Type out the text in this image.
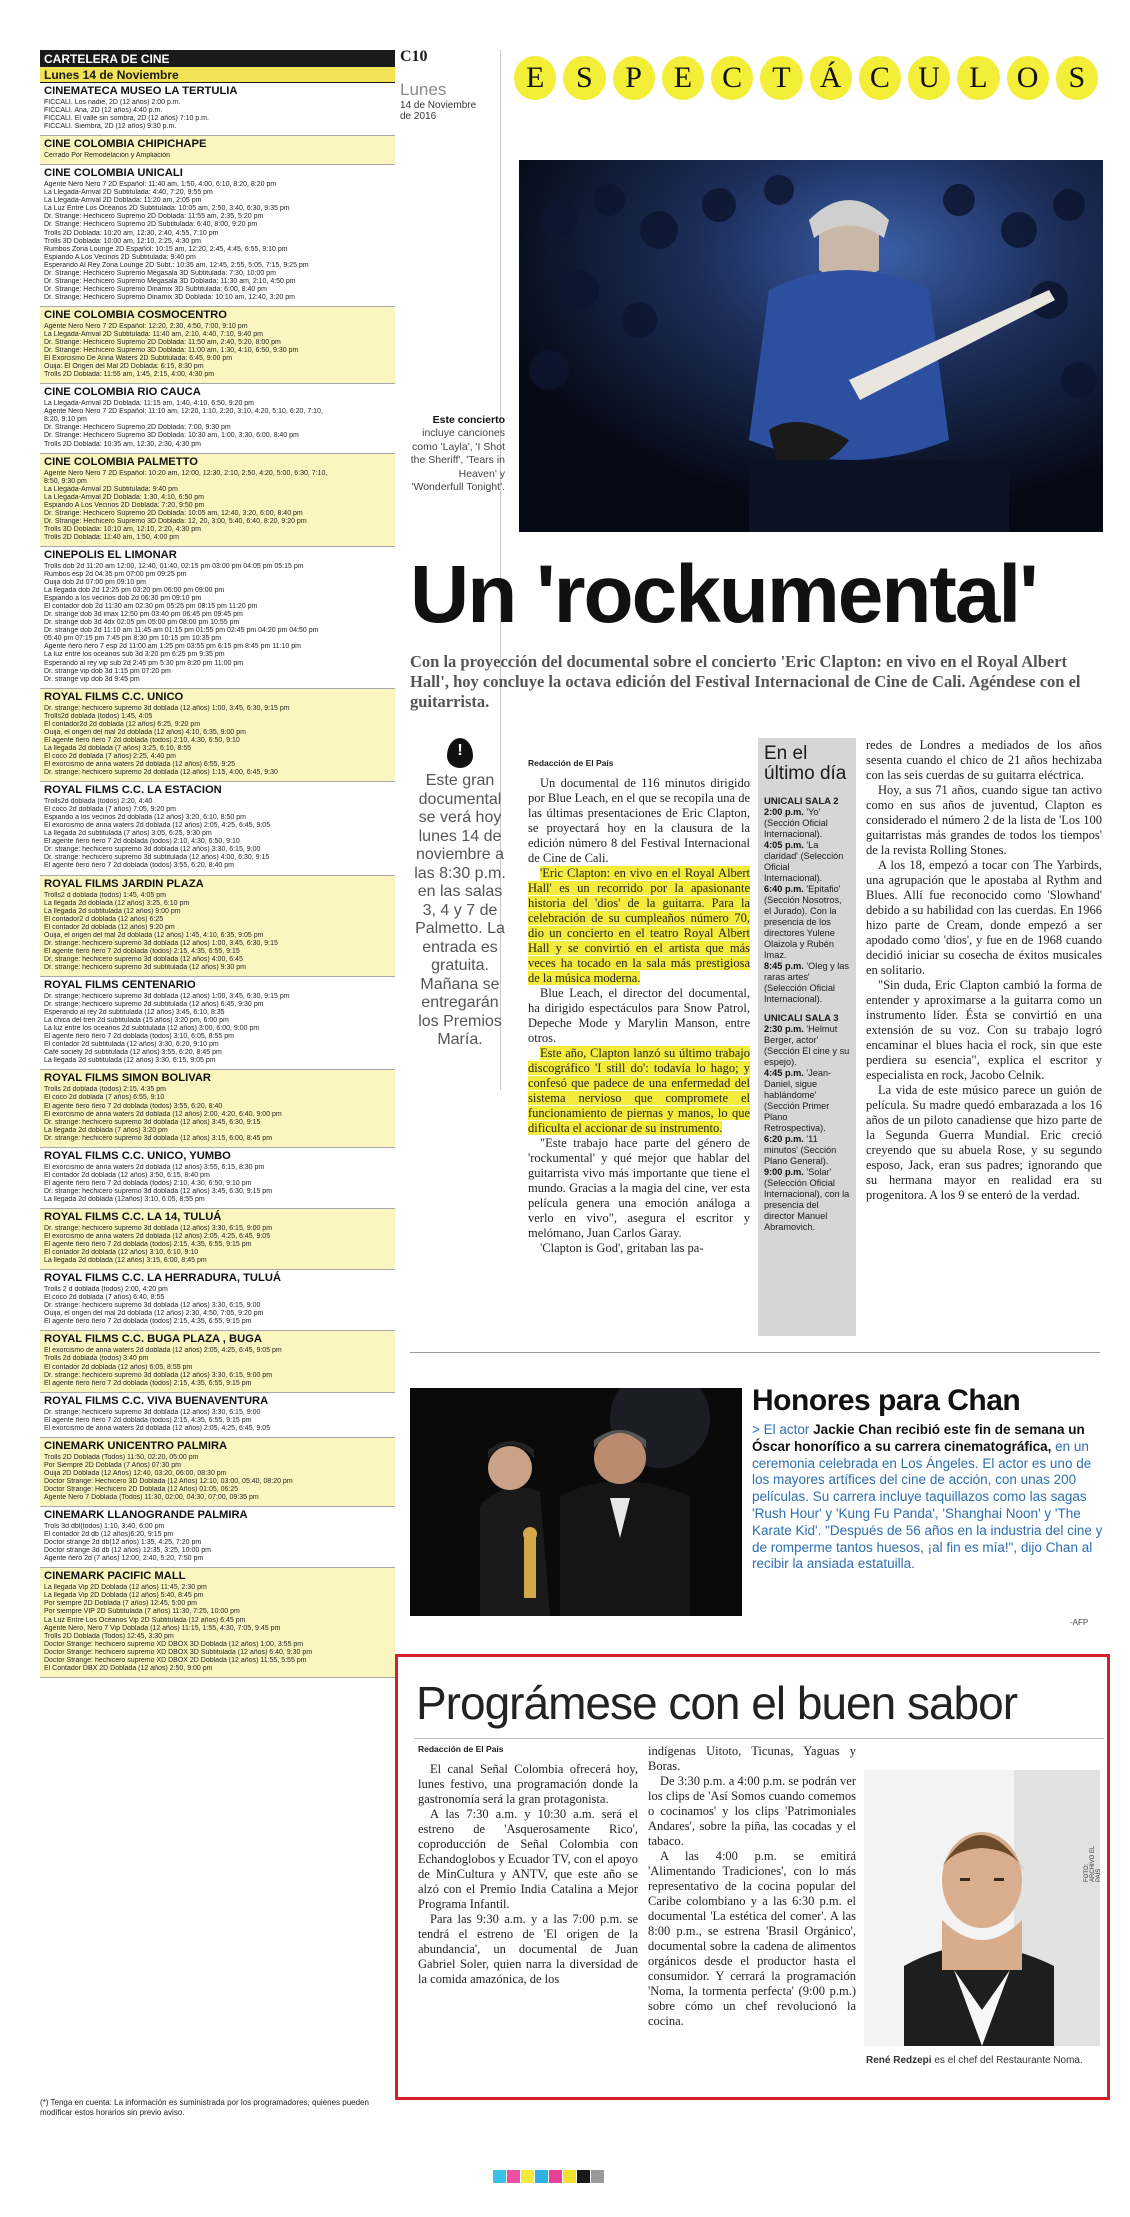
CARTELERA DE CINE
Lunes 14 de Noviembre
CINEMATECA MUSEO LA TERTULIA
FICCALI. Los nadie, 2D (12 años) 2:00 p.m.
FICCALI. Ana, 2D (12 años) 4:40 p.m.
FICCALI. El valle sin sombra, 2D (12 años) 7:10 p.m.
FICCALI. Siembra, 2D (12 años) 9:30 p.m.
CINE COLOMBIA CHIPICHAPE
Cerrado Por Remodelación y Ampliación
CINE COLOMBIA UNICALI
Agente Ñero Ñero 7 2D Español: 11:40 am, 1:50, 4:00, 6:10, 8:20, 8:20 pm
La Llegada-Arrival 2D Subtitulada: 4:40, 7:20, 9:55 pm
La Llegada-Arrival 2D Doblada: 11:20 am, 2:05 pm
La Luz Entre Los Océanos 2D Subtitulada: 10:05 am, 2:50, 3:40, 6:30, 9:35 pm
Dr. Strange: Hechicero Supremo 2D Doblada: 11:55 am, 2:35, 5:20 pm
Dr. Strange: Hechicero Supremo 2D Subtitulada: 6:40, 8:00, 9:20 pm
Trolls 2D Doblada: 10:20 am, 12:30, 2:40, 4:55, 7:10 pm
Trolls 3D Doblada: 10:00 am, 12:10, 2:25, 4:30 pm
Rumbos Zona Lounge 2D Español: 10:15 am, 12:20, 2:45, 4:45, 6:55, 9:10 pm
Espiando A Los Vecinos 2D Subtitulada: 9:40 pm
Esperando Al Rey Zona Lounge 2D Subt.: 10:35 am, 12:45, 2:55, 5:05, 7:15, 9:25 pm
Dr. Strange: Hechicero Supremo Megasala 3D Subtitulada: 7:30, 10:00 pm
Dr. Strange: Hechicero Supremo Megasala 3D Doblada: 11:30 am, 2:10, 4:50 pm
Dr. Strange: Hechicero Supremo Dinamix 3D Subtitulada: 6:00, 8:40 pm
Dr. Strange: Hechicero Supremo Dinamix 3D Doblada: 10:10 am, 12:40, 3:20 pm
CINE COLOMBIA COSMOCENTRO
Agente Ñero Ñero 7 2D Español: 12:20, 2:30, 4:50, 7:00, 9:10 pm
La Llegada-Arrival 2D Subtitulada: 11:40 am, 2:10, 4:40, 7:10, 9:40 pm
Dr. Strange: Hechicero Supremo 2D Doblada: 11:50 am, 2:40, 5:20, 8:00 pm
Dr. Strange: Hechicero Supremo 3D Doblada: 11:00 am, 1:30, 4:10, 6:50, 9:30 pm
El Exorcismo De Anna Waters 2D Subtitulada: 6:45, 9:00 pm
Ouija: El Origen del Mal 2D Doblada: 6:15, 8:30 pm
Trolls 2D Doblada: 11:55 am, 1:45, 2:15, 4:00, 4:30 pm
CINE COLOMBIA RIO CAUCA
La Llegada-Arrival 2D Doblada: 11:15 am, 1:40, 4:10, 6:50, 9:20 pm
Agente Ñero Ñero 7 2D Español: 11:10 am, 12:20, 1:10, 2:20, 3:10, 4:20, 5:10, 6:20, 7:10,
8:20, 9:10 pm
Dr. Strange: Hechicero Supremo 2D Doblada: 7:00, 9:30 pm
Dr. Strange: Hechicero Supremo 3D Doblada: 10:30 am, 1:00, 3:30, 6:00, 8:40 pm
Trolls 2D Doblada: 10:35 am, 12:30, 2:30, 4:30 pm
CINE COLOMBIA PALMETTO
Agente Ñero Ñero 7 2D Español: 10:20 am, 12:00, 12:30, 2:10, 2:50, 4:20, 5:00, 6:30, 7:10,
8:50, 9:30 pm
La Llegada-Arrival 2D Subtitulada: 9:40 pm
La Llegada-Arrival 2D Doblada: 1:30, 4:10, 6:50 pm
Espiando A Los Vecinos 2D Doblada: 7:20, 9:50 pm
Dr. Strange: Hechicero Supremo 2D Doblada: 10:05 am, 12:40, 3:20, 6:00, 8:40 pm
Dr. Strange: Hechicero Supremo 3D Doblada: 12, 20, 3:00, 5:40, 6:40, 8:20, 9:20 pm
Trolls 3D Doblada: 10:10 am, 12:10, 2:20, 4:30 pm
Trolls 2D Doblada: 11:40 am, 1:50, 4:00 pm
CINEPOLIS EL LIMONAR
Trolls dob 2d 11:20 am 12:00, 12:40, 01:40, 02:15 pm 03:00 pm 04:05 pm 05:15 pm
Rumbos esp 2d 04:35 pm 07:00 pm 09:25 pm
Ouija dob 2d 07:00 pm 09:10 pm
La llegada dob 2d 12:25 pm 03:20 pm 06:00 pm 09:00 pm
Espiando a los vecinos dob 2d 06:30 pm 09:10 pm
El contador dob 2d 11:30 am 02:30 pm 05:25 pm 08:15 pm 11:20 pm
Dr. strange dob 3d imax 12:50 pm 03:40 pm 06:45 pm 09:45 pm
Dr. strange dob 3d 4dx 02:05 pm 05:00 pm 08:00 pm 10:55 pm
Dr. strange dob 2d 11:10 am 11:45 am 01:15 pm 01:55 pm 02:45 pm 04:20 pm 04:50 pm
05:40 pm 07:15 pm 7:45 pm 8:30 pm 10:15 pm 10:35 pm
Agente ñero ñero 7 esp 2d 11:00 am 1:25 pm 03:55 pm 6:15 pm 8:45 pm 11:10 pm
La luz entre los oceanos sub 3d 3:20 pm 6:25 pm 9:35 pm
Esperando al rey vip sub 2d 2:45 pm 5:30 pm 8:20 pm 11:00 pm
Dr. strange vip dob 3d 1:15 pm 07:20 pm
Dr. strange vip dob 3d 9:45 pm
ROYAL FILMS C.C. UNICO
Dr. strange: hechicero supremo 3d doblada (12 años) 1:00, 3:45, 6:30, 9:15 pm
Trolls2d doblada (todos) 1:45, 4:05
El contador2d 2d doblada (12 años) 6:25, 9:20 pm
Ouija, el origen del mal 2d doblada (12 años) 4:10, 6:35, 9:00 pm
El agente ñero ñero 7 2d doblada (todos) 2:10, 4:30, 6:50, 9:10
La llegada 2d doblada (7 años) 3:25, 6:10, 8:55
El coco 2d doblada (7 años) 2:25, 4:40 pm
El exorcismo de anna waters 2d doblada (12 años) 6:55, 9:25
Dr. strange: hechicero supremo 2d doblada (12 años) 1:15, 4:00, 6:45, 9:30
ROYAL FILMS C.C. LA ESTACION
Trolls2d doblada (todos) 2:20, 4:40
El coco 2d doblada (7 años) 7:05, 9:20 pm
Espiando a los vecinos 2d doblada (12 años) 3:20, 6:10, 8:50 pm
El exorcismo de anna waters 2d doblada (12 años) 2:05, 4:25, 6:45, 9:05
La llegada 2d subtitulada (7 años) 3:05, 6:25, 9:30 pm
El agente ñero ñero 7 2d doblada (todos) 2:10, 4:30, 6:50, 9:10
Dr. strange: hechicero supremo 3d doblada (12 años) 3:30, 6:15, 9:00
Dr. strange: hechicero supremo 3d subtitulada (12 años) 4:00, 6:30, 9:15
El agente ñero ñero 7 2d doblada (todos) 3:55, 6:20, 8:40 pm
ROYAL FILMS JARDIN PLAZA
Trolls2 d doblada (todos) 1:45, 4:05 pm
La llegada 2d doblada (12 años) 3:25, 6:10 pm
La llegada 2d subtitulada (12 años) 9:00 pm
El contador2 d doblada (12 años) 6:25
El contador 2d doblada (12 años) 9:20 pm
Ouija, el origen del mal 2d doblada (12 años) 1:45, 4:10, 6:35, 9:05 pm
Dr. strange: hechicero supremo 3d doblada (12 años) 1:00, 3:45, 6:30, 9:15
El agente ñero ñero 7 2d doblada (todos) 2:15, 4:35, 6:55, 9:15
Dr. strange: hechicero supremo 3d doblada (12 años) 4:00, 6:45
Dr. strange: hechicero supremo 3d subtitulada (12 años) 9:30 pm
ROYAL FILMS CENTENARIO
Dr. strange: hechicero supremo 3d doblada (12 años) 1:00, 3:45, 6:30, 9:15 pm
Dr. strange: hechicero supremo 2d subtitulada (12 años) 6:45, 9:30 pm
Esperando al rey 2d subtitulada (12 años) 3:45, 6:10, 8:35
La chica del tren 2d subtitulada (15 años) 3:20 pm, 6:00 pm
La luz entre los oceanos 2d subtitulada (12 años) 3:00, 6:00, 9:00 pm
El agente ñero ñero 7 2d doblada (todos) 3:10, 6:05, 8:55 pm
El contador 2d subtitulada (12 años) 3:30, 6:20, 9:10 pm
Café society 2d subtitulada (12 años) 3:55, 6:20, 8:45 pm
La llegada 2d subtitulada (12 años) 3:30, 6:15, 9:05 pm
ROYAL FILMS SIMON BOLIVAR
Trolls 2d doblada (todos) 2:15, 4:35 pm
El coco 2d doblada (7 años) 6:55, 9:10
El agente ñero ñero 7 2d doblada (todos) 3:55, 6:20, 8:40
El exorcismo de anna waters 2d doblada (12 años) 2:00, 4:20, 6:40, 9:00 pm
Dr. strange: hechicero supremo 3d doblada (12 años) 3:45, 6:30, 9:15
La llegada 2d doblada (7 años) 3:20 pm
Dr. strange: hechicero supremo 3d doblada (12 años) 3:15, 6:00, 8:45 pm
ROYAL FILMS C.C. UNICO, YUMBO
El exorcismo de anna waters 2d doblada (12 años) 3:55, 6:15, 8:30 pm
El contador 2d doblada (12 años) 3:50, 6:15, 8:40 pm
El agente ñero ñero 7 2d doblada (todos) 2:10, 4:30, 6:50, 9:10 pm
Dr. strange: hechicero supremo 3d doblada (12 años) 3:45, 6:30, 9:15 pm
La llegada 2d doblada (12años) 3:10, 6:05, 8:55 pm
ROYAL FILMS C.C. LA 14, TULUÁ
Dr. strange: hechicero supremo 3d doblada (12 años) 3:30, 6:15, 9:00 pm
El exorcismo de anna waters 2d doblada (12 años) 2:05, 4:25, 6:45, 9:05
El agente ñero ñero 7 2d doblada (todos) 2:15, 4:35, 6:55, 9:15 pm
El contador 2d doblada (12 años) 3:10, 6:10, 9:10
La llegada 2d doblada (12 años) 3:15, 6:00, 8:45 pm
ROYAL FILMS C.C. LA HERRADURA, TULUÁ
Trolls 2 d doblada (todos) 2:00, 4:20 pm
El coco 2d doblada (7 años) 6:40, 8:55
Dr. strange: hechicero supremo 3d doblada (12 años) 3:30, 6:15, 9:00
Ouija, el origen del mal 2d doblada (12 años) 2:30, 4:50, 7:05, 9:20 pm
El agente ñero ñero 7 2d doblada (todos) 2:15, 4:35, 6:55, 9:15 pm
ROYAL FILMS C.C. BUGA PLAZA , BUGA
El exorcismo de anna waters 2d doblada (12 años) 2:05, 4:25, 6:45, 9:05 pm
Trolls 2d doblada (todos) 3:40 pm
El contador 2d doblada (12 años) 6:05, 8:55 pm
Dr. strange: hechicero supremo 3d doblada (12 años) 3:30, 6:15, 9:00 pm
El agente ñero ñero 7 2d doblada (todos) 2:15, 4:35, 6:55, 9:15 pm
ROYAL FILMS C.C. VIVA BUENAVENTURA
Dr. strange: hechicero supremo 3d doblada (12 años) 3:30, 6:15, 9:00
El agente ñero ñero 7 2d doblada (todos) 2:15, 4:35, 6:55, 9:15 pm
El exorcismo de anna waters 2d doblada (12 años) 2:05, 4:25, 6:45, 9:05
CINEMARK UNICENTRO PALMIRA
Trolls 2D Doblada (Todos) 11:50, 02:20, 05:00 pm
Por Siempre 2D Doblada (7 Años) 07:30 pm
Ouija 2D Doblada (12 Años) 12:40, 03:20, 06:00, 08:30 pm
Doctor Strange: Hechicero 3D Doblada (12 Años) 12:10, 03:00, 05:40, 08:20 pm
Doctor Strange: Hechicero 2D Doblada (12 Años) 01:05, 06:25
Agente Ñero 7 Doblada (Todos) 11:30, 02:00, 04:30, 07:00, 09:35 pm
CINEMARK LLANOGRANDE PALMIRA
Trols 3d dbl(todos) 1:10, 3:40, 6:00 pm
El contador 2d db (12 años)6:20, 9:15 pm
Doctor strange 2d db(12 años) 1:35, 4:25, 7:20 pm
Doctor strange 3d db (12 años) 12:35, 3:25, 10:00 pm
Agente ñero 2d (7 años) 12:00, 2:40, 5:20, 7:50 pm
CINEMARK PACIFIC MALL
La llegada Vip 2D Doblada (12 años) 11:45, 2:30 pm
La llegada Vip 2D Doblada (12 años) 5:40, 8:45 pm
Por siempre 2D Doblada (7 años) 12:45, 5:00 pm
Por siempre VIP 2D Subtitulada (7 años) 11:30, 7:25, 10:00 pm
La Luz Entre Los Océanos Vip 2D Subtitulada (12 años) 6:45 pm
Agente Ñero, Ñero 7 Vip Doblada (12 años) 11:15, 1:55, 4:30, 7:05, 9:45 pm
Trolls 2D Doblada (Todos) 12:45, 3:30 pm
Doctor Strange: hechicero supremo XD DBOX 3D Doblada (12 años) 1:00, 3:55 pm
Doctor Strange: hechicero supremo XD DBOX 3D Subtitulada (12 años) 6:40, 9:30 pm
Doctor Strange: hechicero supremo XD DBOX 2D Doblada (12 años) 11:55, 5:55 pm
El Contador DBX 2D Doblada (12 años) 2:50, 9:00 pm
(*) Tenga en cuenta: La información es suministrada por los programadores, quienes pueden modificar estos horarios sin previo aviso.
C10
Lunes
14 de Noviembre de 2016
E	S	P	E	C	T Á C U L O	S
Este concierto incluye canciones como 'Layla', 'I Shot the Sheriff', 'Tears in Heaven' y 'Wonderfull Tonight'.
Un 'rockumental'
Con la proyección del documental sobre el concierto 'Eric Clapton: en vivo en el Royal Albert Hall', hoy concluye la octava edición del Festival Internacional de Cine de Cali. Agéndese con el guitarrista.
!
Este gran documental se verá hoy lunes 14 de noviembre a las 8:30 p.m. en las salas 3, 4 y 7 de Palmetto. La entrada es gratuita. Mañana se entregarán los Premios María.

Redacción de El País

Un documental de 116 minutos dirigido por Blue Leach, en el que se recopila una de las últimas presentaciones de Eric Clapton, se proyectará hoy en la clausura de la edición número 8 del Festival Internacional de Cine de Cali.

'Eric Clapton: en vivo en el Royal Albert Hall' es un recorrido por la apasionante historia del 'dios' de la guitarra. Para la celebración de su cumpleaños número 70, dio un concierto en el teatro Royal Albert Hall y se convirtió en el artista que más veces ha tocado en la sala más prestigiosa de la música moderna.

Blue Leach, el director del documental, ha dirigido espectáculos para Snow Patrol, Depeche Mode y Marylin Manson, entre otros.

Este año, Clapton lanzó su último trabajo discográfico 'I still do': todavía lo hago; y confesó que padece de una enfermedad del sistema nervioso que compromete el funcionamiento de piernas y manos, lo que dificulta el accionar de su instrumento.

"Este trabajo hace parte del género de 'rockumental' y qué mejor que hablar del guitarrista vivo más importante que tiene el mundo. Gracias a la magia del cine, ver esta película genera una emoción análoga a verlo en vivo", asegura el escritor y melómano, Juan Carlos Garay.

'Clapton is God', gritaban las pa-

En el último día
UNICALI SALA 2

2:00 p.m. 'Yo' (Sección Oficial Internacional).

4:05 p.m. 'La claridad' (Selección Oficial Internacional).

6:40 p.m. 'Epitafio' (Sección Nosotros, el Jurado). Con la presencia de los directores Yulene Olaizola y Rubén Imaz.

8:45 p.m. 'Oleg y las raras artes' (Selección Oficial Internacional).

UNICALI SALA 3

2:30 p.m. 'Helmut Berger, actor' (Sección El cine y su espejo).

4:45 p.m. 'Jean-Daniel, sigue hablándome' (Sección Primer Plano Retrospectiva).

6:20 p.m. '11 minutos' (Sección Plano General).

9:00 p.m. 'Solar' (Selección Oficial Internacional), con la presencia del director Manuel Abramovich.

redes de Londres a mediados de los años sesenta cuando el chico de 21 años hechizaba con las seis cuerdas de su guitarra eléctrica.

Hoy, a sus 71 años, cuando sigue tan activo como en sus años de juventud, Clapton es considerado el número 2 de la lista de 'Los 100 guitarristas más grandes de todos los tiempos' de la revista Rolling Stones.

A los 18, empezó a tocar con The Yarbirds, una agrupación que le apostaba al Rythm and Blues. Allí fue reconocido como 'Slowhand' debido a su habilidad con las cuerdas. En 1966 hizo parte de Cream, donde empezó a ser apodado como 'dios', y fue en de 1968 cuando decidió iniciar su cosecha de éxitos musicales en solitario.

"Sin duda, Eric Clapton cambió la forma de entender y aproximarse a la guitarra como un instrumento líder. Ésta se convirtió en una extensión de su voz. Con su trabajo logró encaminar el blues hacia el rock, sin que este perdiera su esencia", explica el escritor y especialista en rock, Jacobo Celnik.

La vida de este músico parece un guión de película. Su madre quedó embarazada a los 16 años de un piloto canadiense que hizo parte de la Segunda Guerra Mundial. Eric creció creyendo que su abuela Rose, y su segundo esposo, Jack, eran sus padres; ignorando que su hermana mayor en realidad era su progenitora. A los 9 se enteró de la verdad.

Honores para Chan
> El actor Jackie Chan recibió este fin de semana un Óscar honorífico a su carrera cinematográfica, en un ceremonia celebrada en Los Ángeles. El actor es uno de los mayores artífices del cine de acción, con unas 200 películas. Su carrera incluye taquillazos como las sagas 'Rush Hour' y 'Kung Fu Panda', 'Shanghai Noon' y 'The Karate Kid'. "Después de 56 años en la industria del cine y de romperme tantos huesos, ¡al fin es mía!", dijo Chan al recibir la ansiada estatuilla.
-AFP
Prográmese con el buen sabor

Redacción de El País

El canal Señal Colombia ofrecerá hoy, lunes festivo, una programación donde la gastronomía será la gran protagonista.

A las 7:30 a.m. y 10:30 a.m. será el estreno de 'Asquerosamente Rico', coproducción de Señal Colombia con Echandoglobos y Ecuador TV, con el apoyo de MinCultura y ANTV, que este año se alzó con el Premio India Catalina a Mejor Programa Infantil.

Para las 9:30 a.m. y a las 7:00 p.m. se tendrá el estreno de 'El origen de la abundancia', un documental de Juan Gabriel Soler, quien narra la diversidad de la comida amazónica, de los

indígenas Uitoto, Ticunas, Yaguas y Boras.

De 3:30 p.m. a 4:00 p.m. se podrán ver los clips de 'Así Somos cuando comemos o cocinamos' y los clips 'Patrimoniales Andares', sobre la piña, las cocadas y el tabaco.

A las 4:00 p.m. se emitirá 'Alimentando Tradiciones', con lo más representativo de la cocina popular del Caribe colombiano y a las 6:30 p.m. el documental 'La estética del comer'. A las 8:00 p.m., se estrena 'Brasil Orgánico', documental sobre la cadena de alimentos orgánicos desde el productor hasta el consumidor. Y cerrará la programación 'Noma, la tormenta perfecta' (9:00 p.m.) sobre cómo un chef revolucionó la cocina.

FOTO: ARCHIVO EL PAÍS
René Redzepi es el chef del Restaurante Noma.
